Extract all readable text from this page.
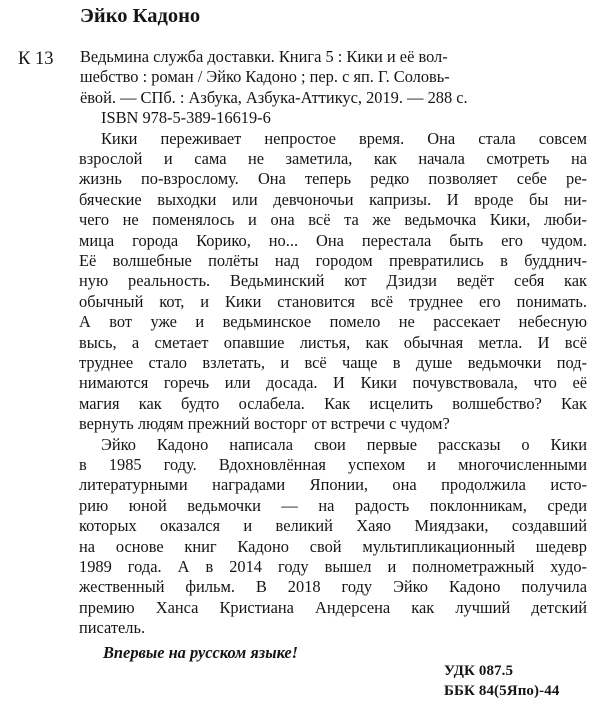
Эйко Кадоно
К 13 Ведьмина служба доставки. Книга 5 : Кики и её вол-
шебство : роман / Эйко Кадоно ; пер. с яп. Г. Соловь-
ёвой. — СПб. : Азбука, Азбука-Аттикус, 2019. — 288 с.
ISBN 978-5-389-16619-6
Кики переживает непростое время. Она стала совсем
взрослой и сама не заметила, как начала смотреть на
жизнь по-взрослому. Она теперь редко позволяет себе ре-
бяческие выходки или девчоночьи капризы. И вроде бы ни-
чего не поменялось и она всё та же ведьмочка Кики, люби-
мица города Корико, но... Она перестала быть его чудом.
Её волшебные полёты над городом превратились в будднич-
ную реальность. Ведьминский кот Дзидзи ведёт себя как
обычный кот, и Кики становится всё труднее его понимать.
А вот уже и ведьминское помело не рассекает небесную
высь, а сметает опавшие листья, как обычная метла. И всё
труднее стало взлетать, и всё чаще в душе ведьмочки под-
нимаются горечь или досада. И Кики почувствовала, что её
магия как будто ослабела. Как исцелить волшебство? Как
вернуть людям прежний восторг от встречи с чудом?
Эйко Кадоно написала свои первые рассказы о Кики
в 1985 году. Вдохновлённая успехом и многочисленными
литературными наградами Японии, она продолжила исто-
рию юной ведьмочки — на радость поклонникам, среди
которых оказался и великий Хаяо Миядзаки, создавший
на основе книг Кадоно свой мультипликационный шедевр
1989 года. А в 2014 году вышел и полнометражный худо-
жественный фильм. В 2018 году Эйко Кадоно получила
премию Ханса Кристиана Андерсена как лучший детский
писатель.
Впервые на русском языке!
УДК 087.5
ББК 84(5Япо)-44
